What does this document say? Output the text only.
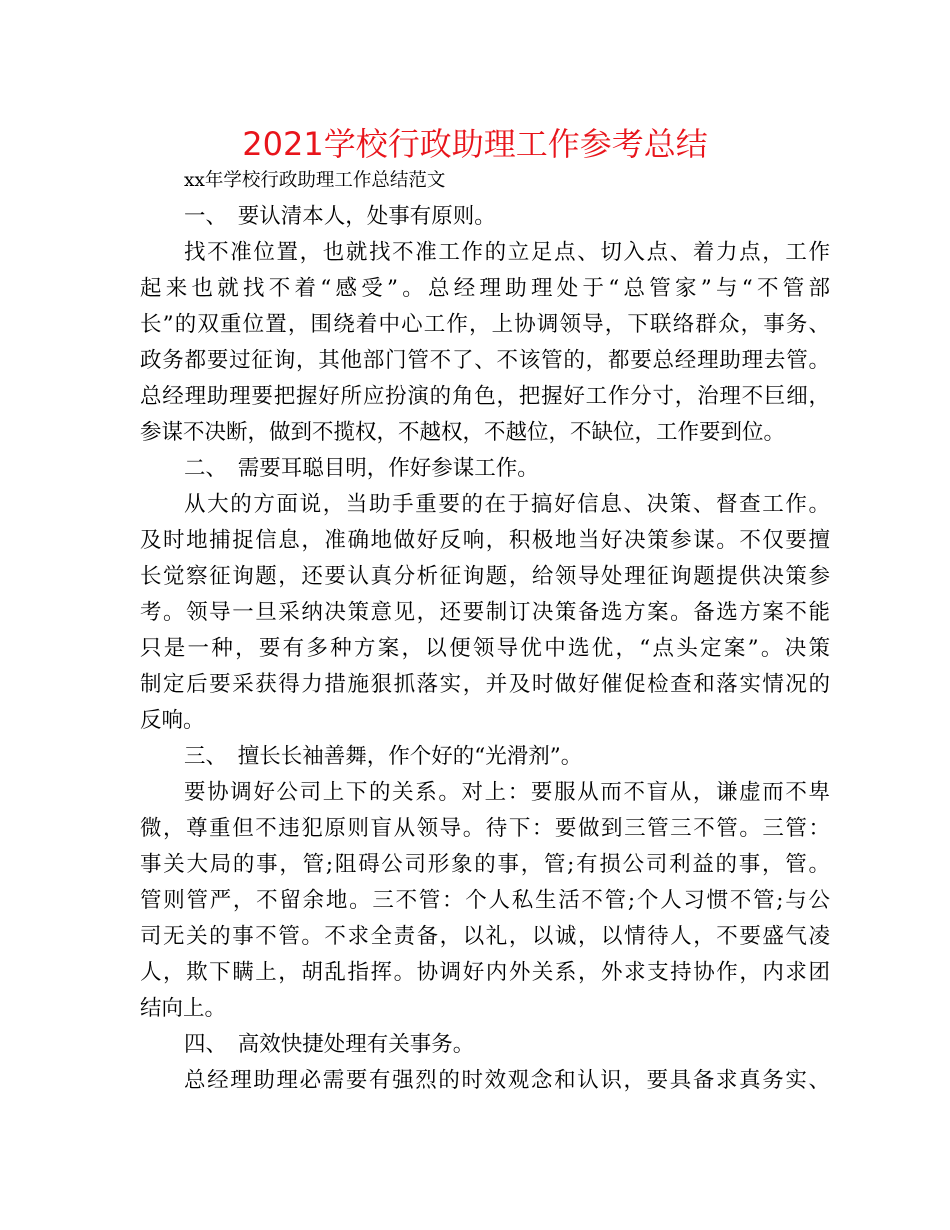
2021学校行政助理工作参考总结
xx年学校行政助理工作总结范文
一、　要认清本人，处事有原则。
找不准位置，也就找不准工作的立足点、切入点、着力点，工作
起来也就找不着“感受”。总经理助理处于“总管家”与“不管部
长”的双重位置，围绕着中心工作，上协调领导，下联络群众，事务、
政务都要过征询，其他部门管不了、不该管的，都要总经理助理去管。
总经理助理要把握好所应扮演的角色，把握好工作分寸，治理不巨细，
参谋不决断，做到不揽权，不越权，不越位，不缺位，工作要到位。
二、　需要耳聪目明，作好参谋工作。
从大的方面说，当助手重要的在于搞好信息、决策、督查工作。
及时地捕捉信息，准确地做好反响，积极地当好决策参谋。不仅要擅
长觉察征询题，还要认真分析征询题，给领导处理征询题提供决策参
考。领导一旦采纳决策意见，还要制订决策备选方案。备选方案不能
只是一种，要有多种方案，以便领导优中选优，“点头定案”。决策
制定后要采获得力措施狠抓落实，并及时做好催促检查和落实情况的
反响。
三、　擅长长袖善舞，作个好的“光滑剂”。
要协调好公司上下的关系。对上：要服从而不盲从，谦虚而不卑
微，尊重但不违犯原则盲从领导。待下：要做到三管三不管。三管：
事关大局的事，管;阻碍公司形象的事，管;有损公司利益的事，管。
管则管严，不留余地。三不管：个人私生活不管;个人习惯不管;与公
司无关的事不管。不求全责备，以礼，以诚，以情待人，不要盛气凌
人，欺下瞒上，胡乱指挥。协调好内外关系，外求支持协作，内求团
结向上。
四、　高效快捷处理有关事务。
总经理助理必需要有强烈的时效观念和认识，要具备求真务实、
